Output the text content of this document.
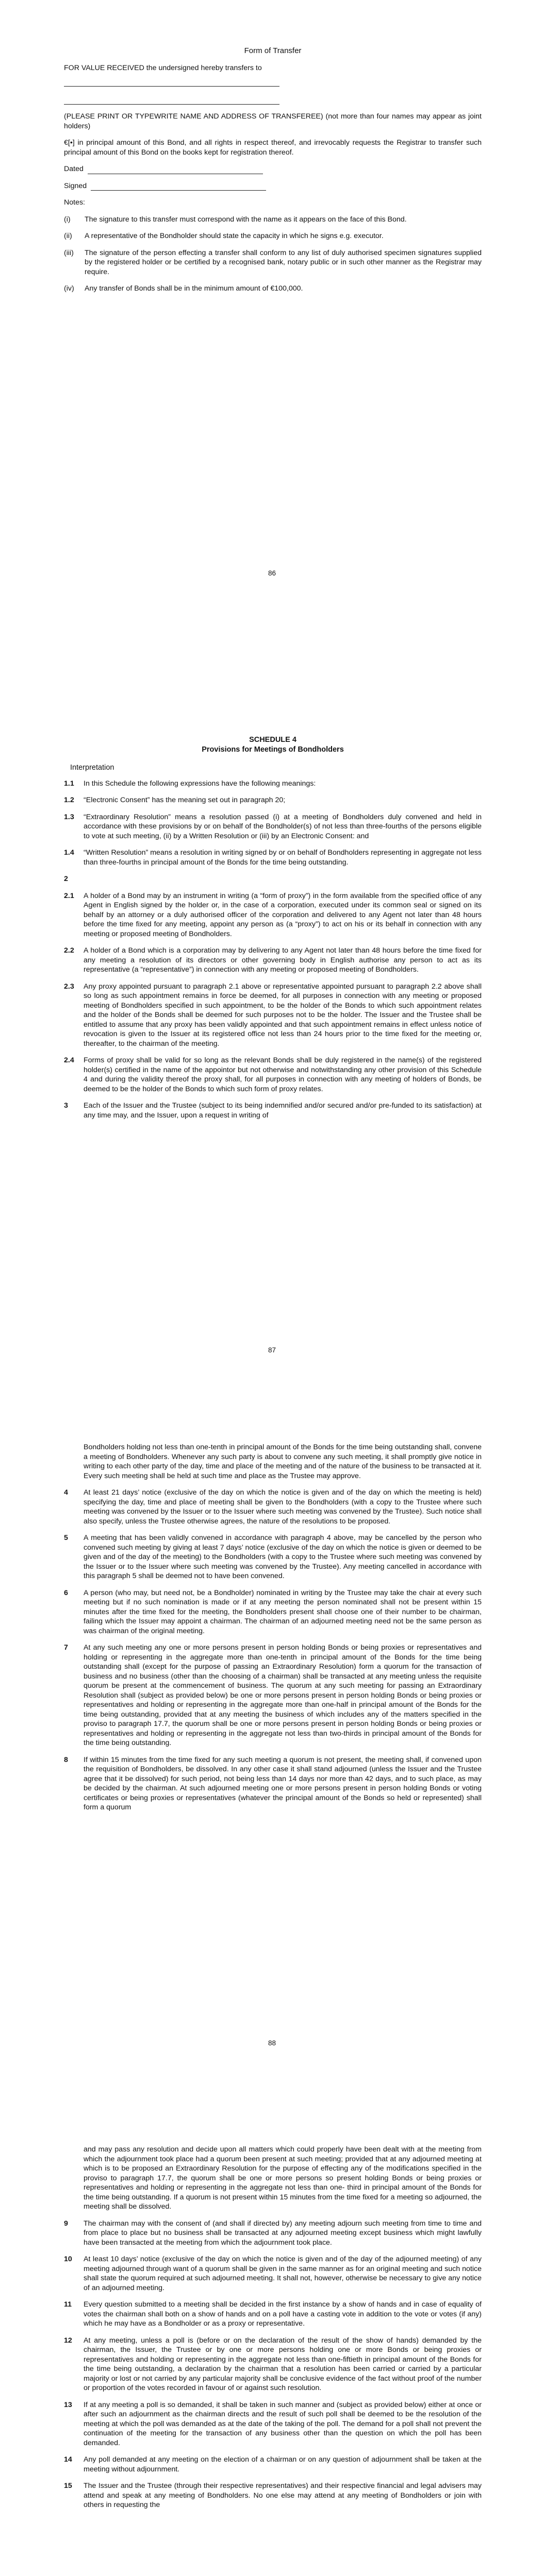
Form of Transfer

FOR VALUE RECEIVED the undersigned hereby transfers to

(PLEASE PRINT OR TYPEWRITE NAME AND ADDRESS OF TRANSFEREE) (not more than four names may appear as joint holders)

€[•] in principal amount of this Bond, and all rights in respect thereof, and irrevocably requests the Registrar to transfer such principal amount of this Bond on the books kept for registration thereof.

Dated
Signed

Notes:

(i)	The signature to this transfer must correspond with the name as it appears on the face of this Bond.
(ii)	A representative of the Bondholder should state the capacity in which he signs e.g. executor.
(iii)	The signature of the person effecting a transfer shall conform to any list of duly authorised specimen signatures supplied by the registered holder or be certified by a recognised bank, notary public or in such other manner as the Registrar may require.
(iv)	Any transfer of Bonds shall be in the minimum amount of €100,000.
86
SCHEDULE 4
Provisions for Meetings of Bondholders
Interpretation
1.1	In this Schedule the following expressions have the following meanings:
1.2	“Electronic Consent” has the meaning set out in paragraph 20;
1.3	“Extraordinary Resolution” means a resolution passed (i) at a meeting of Bondholders duly convened and held in accordance with these provisions by or on behalf of the Bondholder(s) of not less than three-fourths of the persons eligible to vote at such meeting, (ii) by a Written Resolution or (iii) by an Electronic Consent: and
1.4	“Written Resolution” means a resolution in writing signed by or on behalf of Bondholders representing in aggregate not less than three-fourths in principal amount of the Bonds for the time being outstanding.
2
2.1	A holder of a Bond may by an instrument in writing (a “form of proxy”) in the form available from the specified office of any Agent in English signed by the holder or, in the case of a corporation, executed under its common seal or signed on its behalf by an attorney or a duly authorised officer of the corporation and delivered to any Agent not later than 48 hours before the time fixed for any meeting, appoint any person as (a “proxy”) to act on his or its behalf in connection with any meeting or proposed meeting of Bondholders.
2.2	A holder of a Bond which is a corporation may by delivering to any Agent not later than 48 hours before the time fixed for any meeting a resolution of its directors or other governing body in English authorise any person to act as its representative (a “representative”) in connection with any meeting or proposed meeting of Bondholders.
2.3	Any proxy appointed pursuant to paragraph 2.1 above or representative appointed pursuant to paragraph 2.2 above shall so long as such appointment remains in force be deemed, for all purposes in connection with any meeting or proposed meeting of Bondholders specified in such appointment, to be the holder of the Bonds to which such appointment relates and the holder of the Bonds shall be deemed for such purposes not to be the holder. The Issuer and the Trustee shall be entitled to assume that any proxy has been validly appointed and that such appointment remains in effect unless notice of revocation is given to the Issuer at its registered office not less than 24 hours prior to the time fixed for the meeting or, thereafter, to the chairman of the meeting.
2.4	Forms of proxy shall be valid for so long as the relevant Bonds shall be duly registered in the name(s) of the registered holder(s) certified in the name of the appointor but not otherwise and notwithstanding any other provision of this Schedule 4 and during the validity thereof the proxy shall, for all purposes in connection with any meeting of holders of Bonds, be deemed to be the holder of the Bonds to which such form of proxy relates.
3	Each of the Issuer and the Trustee (subject to its being indemnified and/or secured and/or pre-funded to its satisfaction) at any time may, and the Issuer, upon a request in writing of
87
Bondholders holding not less than one-tenth in principal amount of the Bonds for the time being outstanding shall, convene a meeting of Bondholders. Whenever any such party is about to convene any such meeting, it shall promptly give notice in writing to each other party of the day, time and place of the meeting and of the nature of the business to be transacted at it. Every such meeting shall be held at such time and place as the Trustee may approve.
4	At least 21 days’ notice (exclusive of the day on which the notice is given and of the day on which the meeting is held) specifying the day, time and place of meeting shall be given to the Bondholders (with a copy to the Trustee where such meeting was convened by the Issuer or to the Issuer where such meeting was convened by the Trustee). Such notice shall also specify, unless the Trustee otherwise agrees, the nature of the resolutions to be proposed.
5	A meeting that has been validly convened in accordance with paragraph 4 above, may be cancelled by the person who convened such meeting by giving at least 7 days’ notice (exclusive of the day on which the notice is given or deemed to be given and of the day of the meeting) to the Bondholders (with a copy to the Trustee where such meeting was convened by the Issuer or to the Issuer where such meeting was convened by the Trustee). Any meeting cancelled in accordance with this paragraph 5 shall be deemed not to have been convened.
6	A person (who may, but need not, be a Bondholder) nominated in writing by the Trustee may take the chair at every such meeting but if no such nomination is made or if at any meeting the person nominated shall not be present within 15 minutes after the time fixed for the meeting, the Bondholders present shall choose one of their number to be chairman, failing which the Issuer may appoint a chairman. The chairman of an adjourned meeting need not be the same person as was chairman of the original meeting.
7	At any such meeting any one or more persons present in person holding Bonds or being proxies or representatives and holding or representing in the aggregate more than one-tenth in principal amount of the Bonds for the time being outstanding shall (except for the purpose of passing an Extraordinary Resolution) form a quorum for the transaction of business and no business (other than the choosing of a chairman) shall be transacted at any meeting unless the requisite quorum be present at the commencement of business. The quorum at any such meeting for passing an Extraordinary Resolution shall (subject as provided below) be one or more persons present in person holding Bonds or being proxies or representatives and holding or representing in the aggregate more than one-half in principal amount of the Bonds for the time being outstanding, provided that at any meeting the business of which includes any of the matters specified in the proviso to paragraph 17.7, the quorum shall be one or more persons present in person holding Bonds or being proxies or representatives and holding or representing in the aggregate not less than two-thirds in principal amount of the Bonds for the time being outstanding.
8	If within 15 minutes from the time fixed for any such meeting a quorum is not present, the meeting shall, if convened upon the requisition of Bondholders, be dissolved. In any other case it shall stand adjourned (unless the Issuer and the Trustee agree that it be dissolved) for such period, not being less than 14 days nor more than 42 days, and to such place, as may be decided by the chairman. At such adjourned meeting one or more persons present in person holding Bonds or voting certificates or being proxies or representatives (whatever the principal amount of the Bonds so held or represented) shall form a quorum
88
and may pass any resolution and decide upon all matters which could properly have been dealt with at the meeting from which the adjournment took place had a quorum been present at such meeting; provided that at any adjourned meeting at which is to be proposed an Extraordinary Resolution for the purpose of effecting any of the modifications specified in the proviso to paragraph 17.7, the quorum shall be one or more persons so present holding Bonds or being proxies or representatives and holding or representing in the aggregate not less than one- third in principal amount of the Bonds for the time being outstanding. If a quorum is not present within 15 minutes from the time fixed for a meeting so adjourned, the meeting shall be dissolved.
9	The chairman may with the consent of (and shall if directed by) any meeting adjourn such meeting from time to time and from place to place but no business shall be transacted at any adjourned meeting except business which might lawfully have been transacted at the meeting from which the adjournment took place.
10	At least 10 days’ notice (exclusive of the day on which the notice is given and of the day of the adjourned meeting) of any meeting adjourned through want of a quorum shall be given in the same manner as for an original meeting and such notice shall state the quorum required at such adjourned meeting. It shall not, however, otherwise be necessary to give any notice of an adjourned meeting.
11	Every question submitted to a meeting shall be decided in the first instance by a show of hands and in case of equality of votes the chairman shall both on a show of hands and on a poll have a casting vote in addition to the vote or votes (if any) which he may have as a Bondholder or as a proxy or representative.
12	At any meeting, unless a poll is (before or on the declaration of the result of the show of hands) demanded by the chairman, the Issuer, the Trustee or by one or more persons holding one or more Bonds or being proxies or representatives and holding or representing in the aggregate not less than one-fiftieth in principal amount of the Bonds for the time being outstanding, a declaration by the chairman that a resolution has been carried or carried by a particular majority or lost or not carried by any particular majority shall be conclusive evidence of the fact without proof of the number or proportion of the votes recorded in favour of or against such resolution.
13	If at any meeting a poll is so demanded, it shall be taken in such manner and (subject as provided below) either at once or after such an adjournment as the chairman directs and the result of such poll shall be deemed to be the resolution of the meeting at which the poll was demanded as at the date of the taking of the poll. The demand for a poll shall not prevent the continuation of the meeting for the transaction of any business other than the question on which the poll has been demanded.
14	Any poll demanded at any meeting on the election of a chairman or on any question of adjournment shall be taken at the meeting without adjournment.
15	The Issuer and the Trustee (through their respective representatives) and their respective financial and legal advisers may attend and speak at any meeting of Bondholders. No one else may attend at any meeting of Bondholders or join with others in requesting the
